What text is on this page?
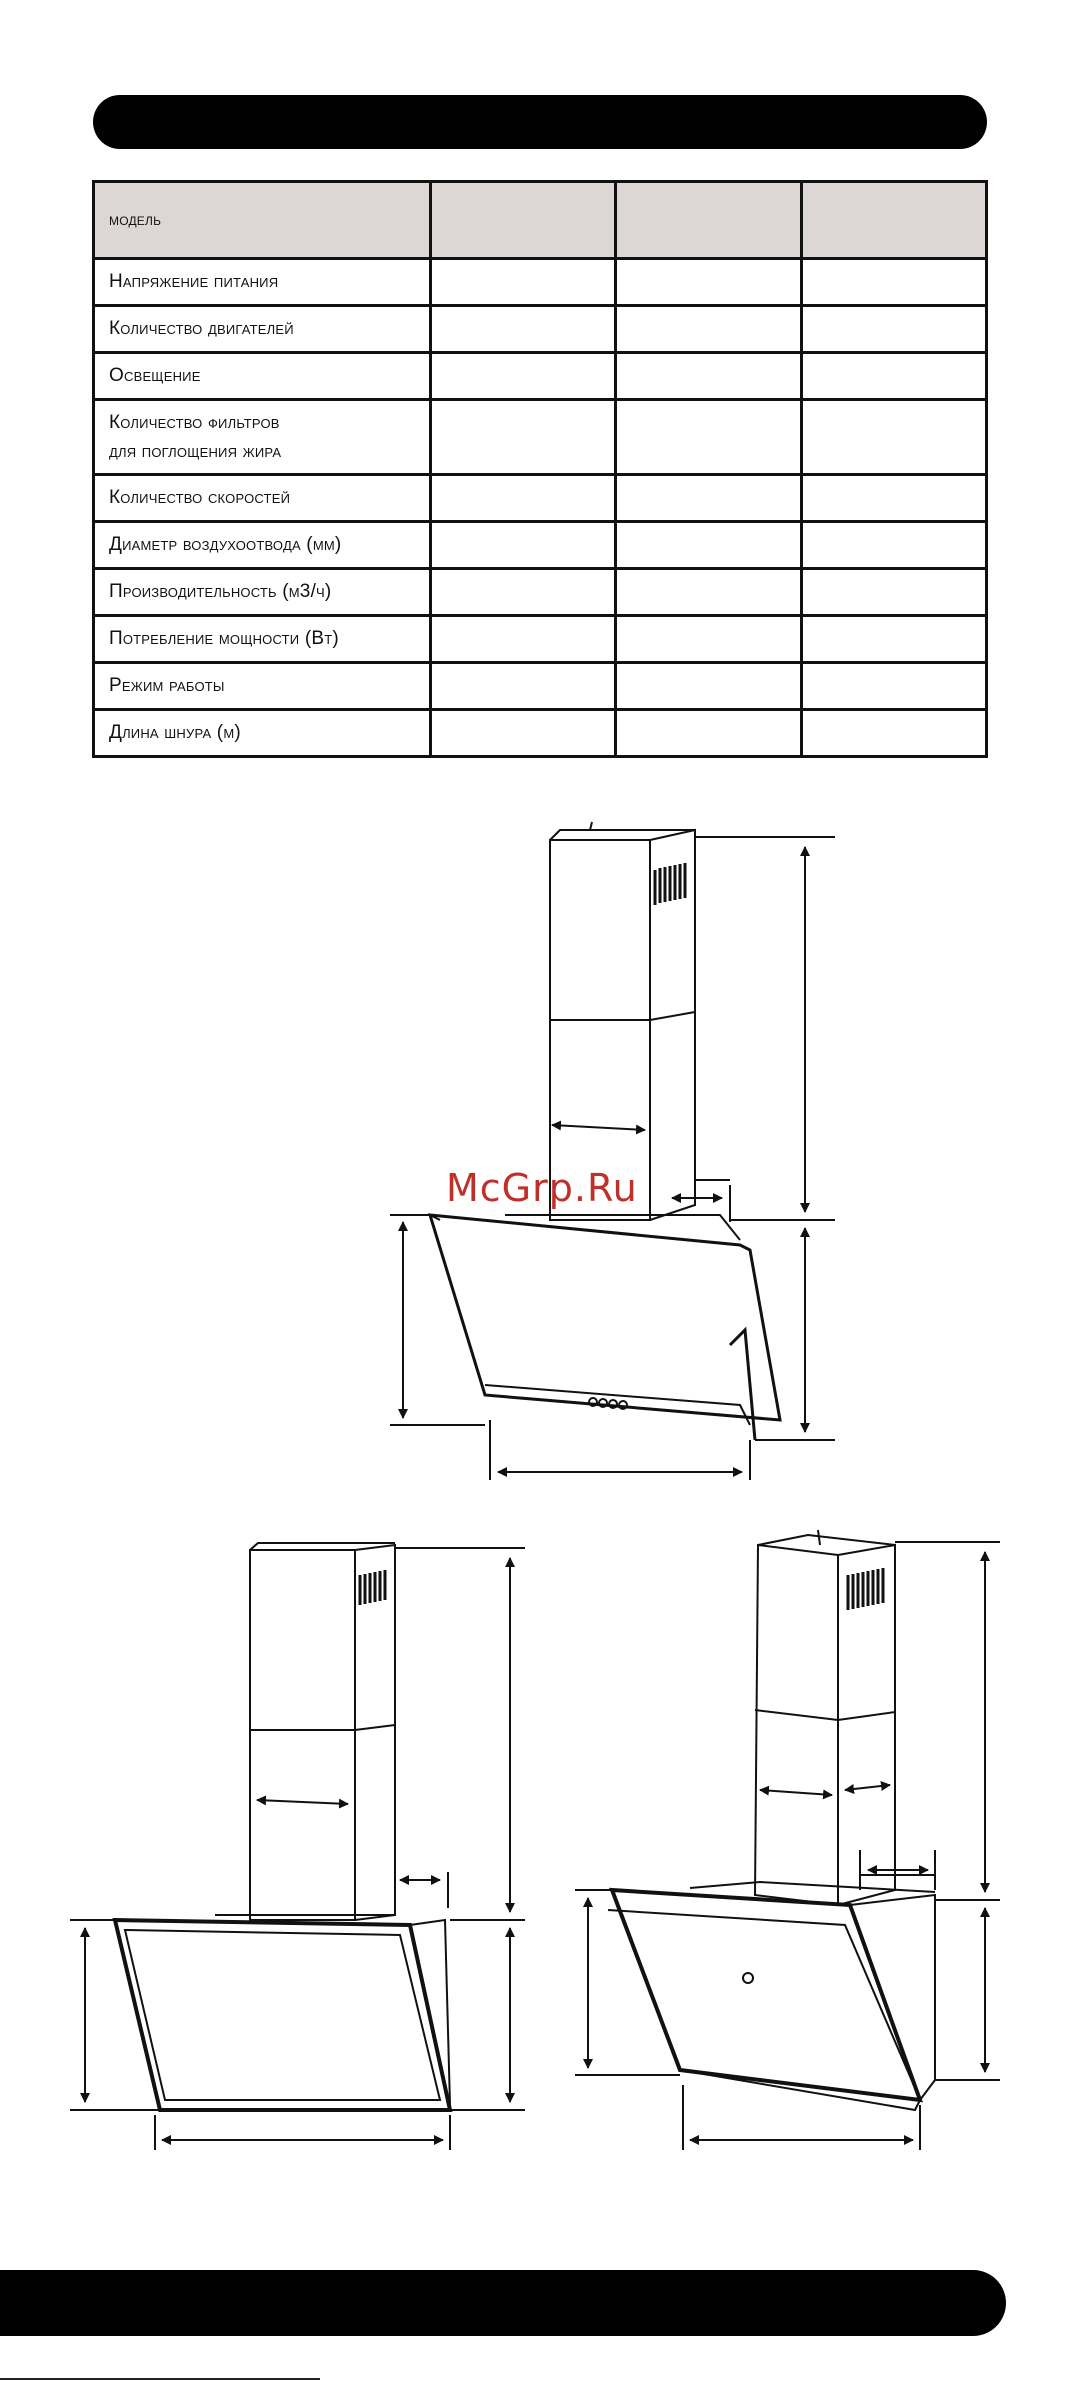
модель			
Напряжение питания			
Количество двигателей			
Освещение			
Количество фильтров
для поглощения жира			
Количество скоростей			
Диаметр воздухоотвода (мм)			
Производительность (м3/ч)			
Потребление мощности (Вт)			
Режим работы			
Длина шнура (м)			
McGrp.Ru
